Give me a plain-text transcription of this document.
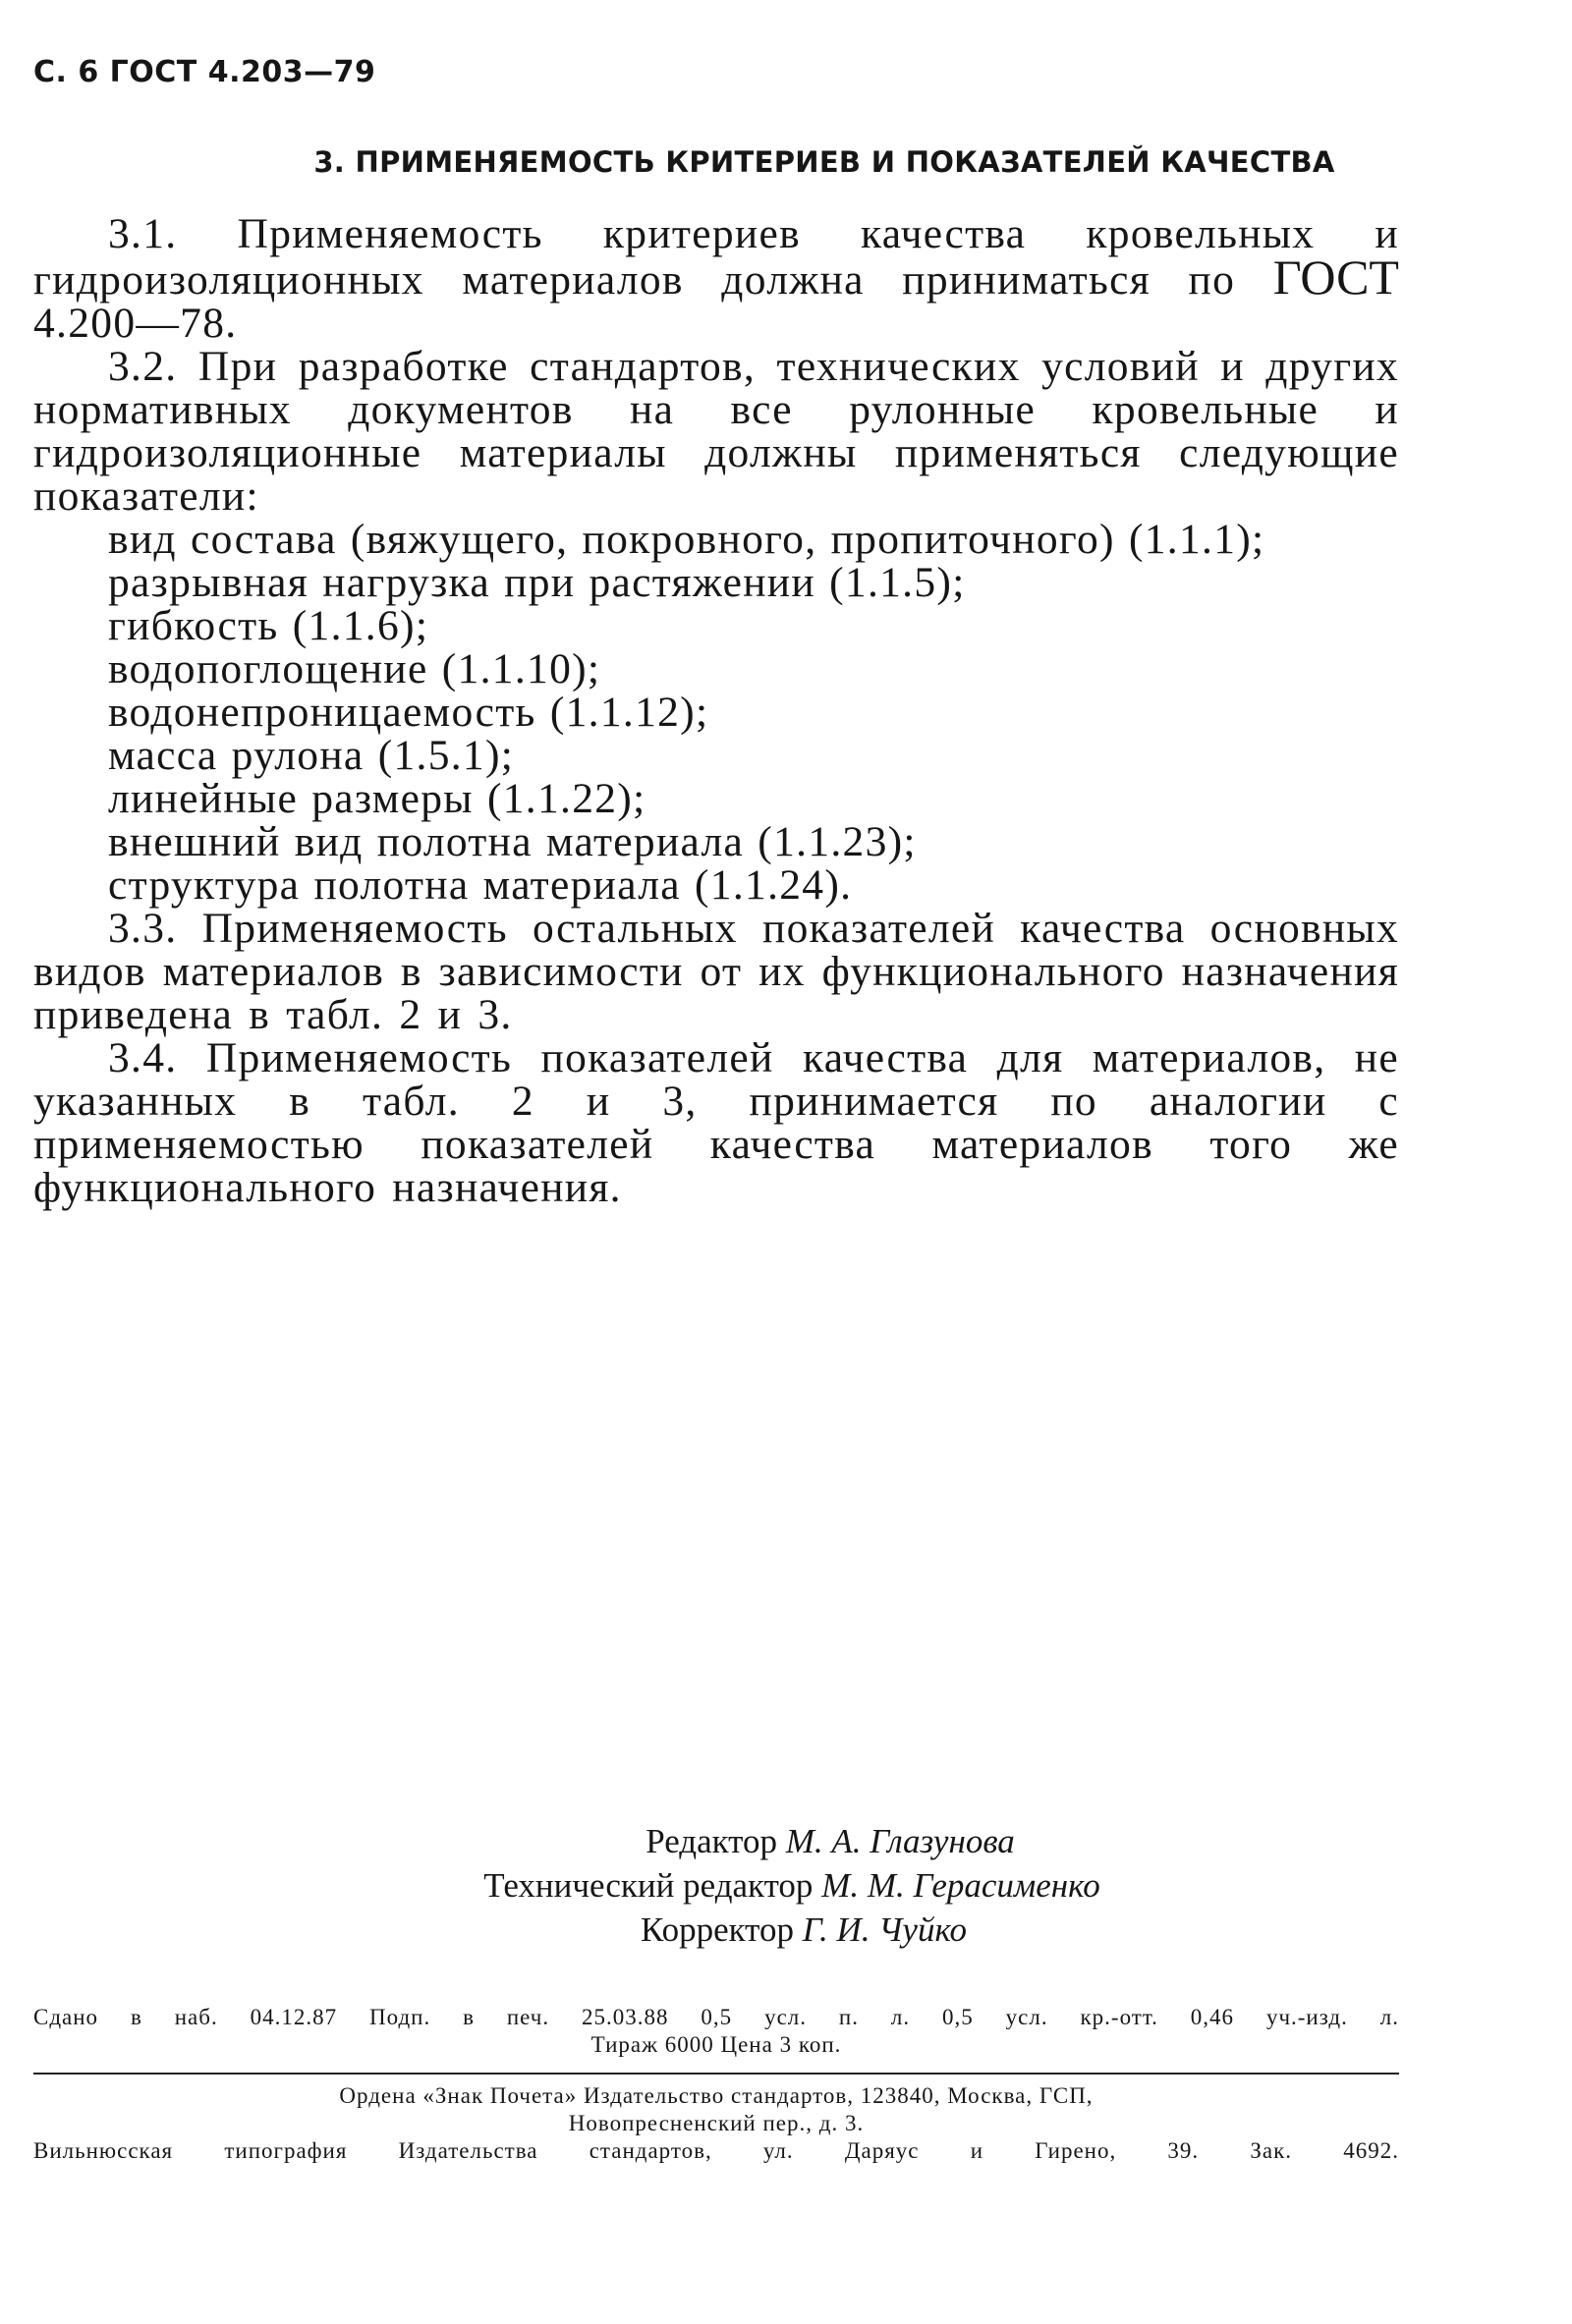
С. 6 ГОСТ 4.203—79
3. ПРИМЕНЯЕМОСТЬ КРИТЕРИЕВ И ПОКАЗАТЕЛЕЙ КАЧЕСТВА

3.1. Применяемость критериев качества кровельных и гидроизоляционных материалов должна приниматься по ГОСТ 4.200—78.

3.2. При разработке стандартов, технических условий и других нормативных документов на все рулонные кровельные и гидроизоляционные материалы должны применяться следующие показатели:

вид состава (вяжущего, покровного, пропиточного) (1.1.1);
разрывная нагрузка при растяжении (1.1.5);
гибкость (1.1.6);
водопоглощение (1.1.10);
водонепроницаемость (1.1.12);
масса рулона (1.5.1);
линейные размеры (1.1.22);
внешний вид полотна материала (1.1.23);
структура полотна материала (1.1.24).

3.3. Применяемость остальных показателей качества основных видов материалов в зависимости от их функционального назначения приведена в табл. 2 и 3.

3.4. Применяемость показателей качества для материалов, не указанных в табл. 2 и 3, принимается по аналогии с применяемостью показателей качества материалов того же функционального назначения.

Редактор М. А. Глазунова
Технический редактор М. М. Герасименко
Корректор Г. И. Чуйко
Сдано в наб. 04.12.87 Подп. в печ. 25.03.88 0,5 усл. п. л. 0,5 усл. кр.-отт. 0,46 уч.-изд. л.
Тираж 6000 Цена 3 коп.
Ордена «Знак Почета» Издательство стандартов, 123840, Москва, ГСП,
Новопресненский пер., д. 3.
Вильнюсская типография Издательства стандартов, ул. Даряус и Гирено, 39. Зак. 4692.
